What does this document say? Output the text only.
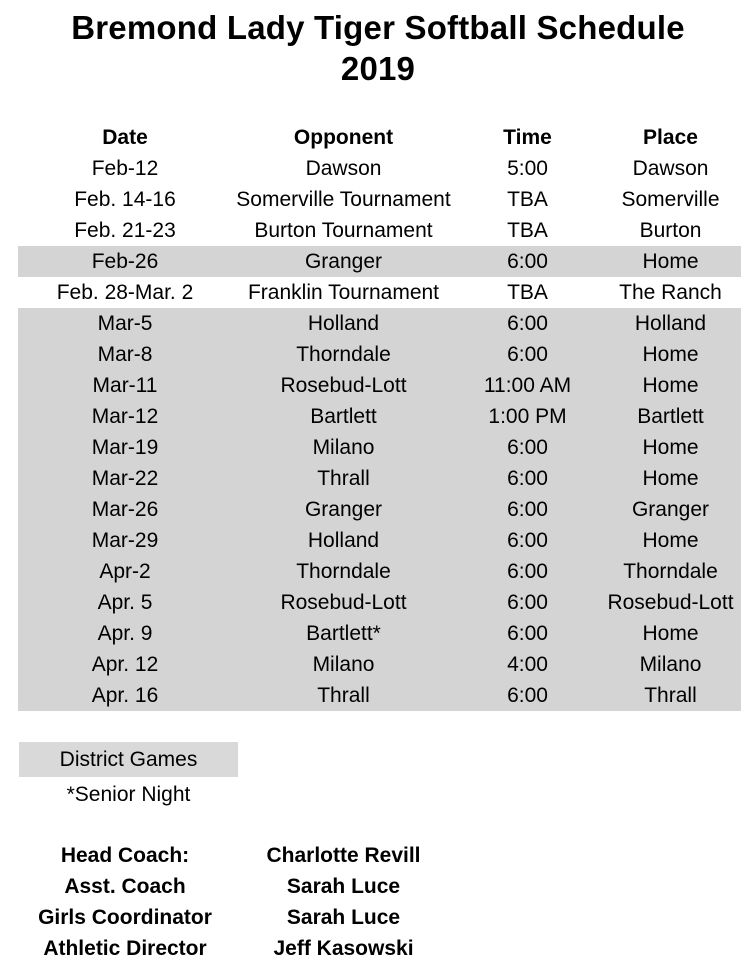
Bremond Lady Tiger Softball Schedule
2019
Date	Opponent	Time	Place
Feb-12	Dawson	5:00	Dawson
Feb. 14-16	Somerville Tournament	TBA	Somerville
Feb. 21-23	Burton Tournament	TBA	Burton
Feb-26	Granger	6:00	Home
Feb. 28-Mar. 2	Franklin Tournament	TBA	The Ranch
Mar-5	Holland	6:00	Holland
Mar-8	Thorndale	6:00	Home
Mar-11	Rosebud-Lott	11:00 AM	Home
Mar-12	Bartlett	1:00 PM	Bartlett
Mar-19	Milano	6:00	Home
Mar-22	Thrall	6:00	Home
Mar-26	Granger	6:00	Granger
Mar-29	Holland	6:00	Home
Apr-2	Thorndale	6:00	Thorndale
Apr. 5	Rosebud-Lott	6:00	Rosebud-Lott
Apr. 9	Bartlett*	6:00	Home
Apr. 12	Milano	4:00	Milano
Apr. 16	Thrall	6:00	Thrall
District Games
*Senior Night
Head Coach:	Charlotte Revill
Asst. Coach	Sarah Luce
Girls Coordinator	Sarah Luce
Athletic Director	Jeff Kasowski
